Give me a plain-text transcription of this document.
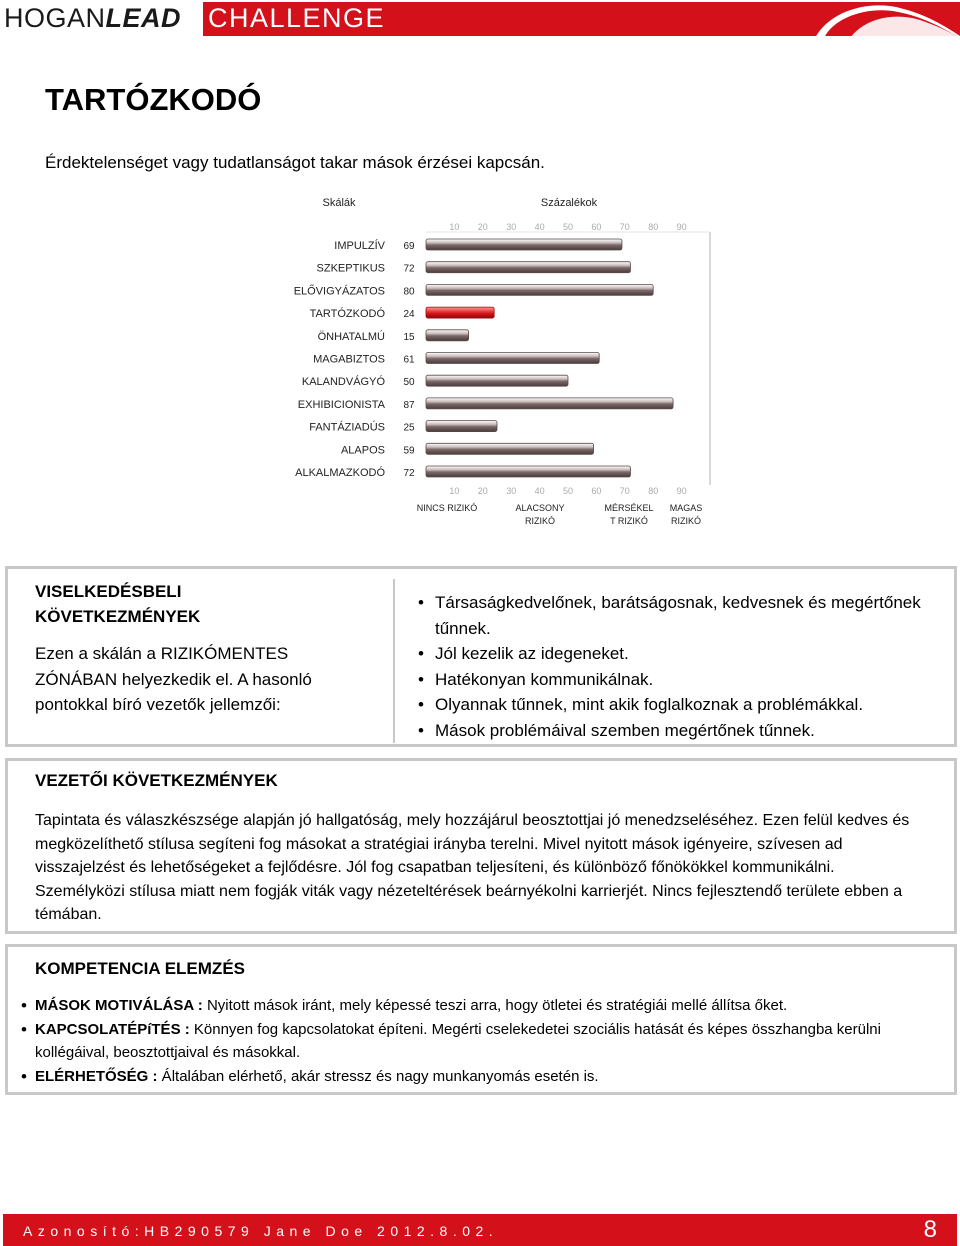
HOGANLEAD CHALLENGE
TARTÓZKODÓ
Érdektelenséget vagy tudatlanságot takar mások érzései kapcsán.
Skálák	Százalékok
10
10
20
20
30
30
40
40
50
50
60
60
70
70
80
80
90
90
IMPULZÍV 69
SZKEPTIKUS 72
ELŐVIGYÁZATOS 80
TARTÓZKODÓ 24
ÖNHATALMÚ 15
MAGABIZTOS 61
KALANDVÁGYÓ 50
EXHIBICIONISTA 87
FANTÁZIADÚS 25
ALAPOS 59
ALKALMAZKODÓ 72
NINCS RIZIKÓ	ALACSONY
RIZIKÓ
MÉRSÉKEL
T RIZIKÓ
MAGAS
RIZIKÓ
VISELKEDÉSBELI KÖVETKEZMÉNYEK
Ezen a skálán a RIZIKÓMENTES ZÓNÁBAN helyezkedik el. A hasonló pontokkal bíró vezetők jellemzői:
• Társaságkedvelőnek, barátságosnak, kedvesnek és megértőnek tűnnek.
• Jól kezelik az idegeneket.
• Hatékonyan kommunikálnak.
• Olyannak tűnnek, mint akik foglalkoznak a problémákkal.
• Mások problémáival szemben megértőnek tűnnek.
VEZETŐI KÖVETKEZMÉNYEK
Tapintata és válaszkészsége alapján jó hallgatóság, mely hozzájárul beosztottjai jó menedzseléséhez. Ezen felül kedves és megközelíthető stílusa segíteni fog másokat a stratégiai irányba terelni. Mivel nyitott mások igényeire, szívesen ad visszajelzést és lehetőségeket a fejlődésre. Jól fog csapatban teljesíteni, és különböző főnökökkel kommunikálni. Személyközi stílusa miatt nem fogják viták vagy nézeteltérések beárnyékolni karrierjét. Nincs fejlesztendő területe ebben a témában.
KOMPETENCIA ELEMZÉS
• MÁSOK MOTIVÁLÁSA : Nyitott mások iránt, mely képessé teszi arra, hogy ötletei és stratégiái mellé állítsa őket.
• KAPCSOLATÉPíTÉS : Könnyen fog kapcsolatokat építeni. Megérti cselekedetei szociális hatását és képes összhangba kerülni kollégáival, beosztottjaival és másokkal.
• ELÉRHETŐSÉG : Általában elérhető, akár stressz és nagy munkanyomás esetén is.
Azonosító:HB290579 Jane Doe 2012.8.02.	8
